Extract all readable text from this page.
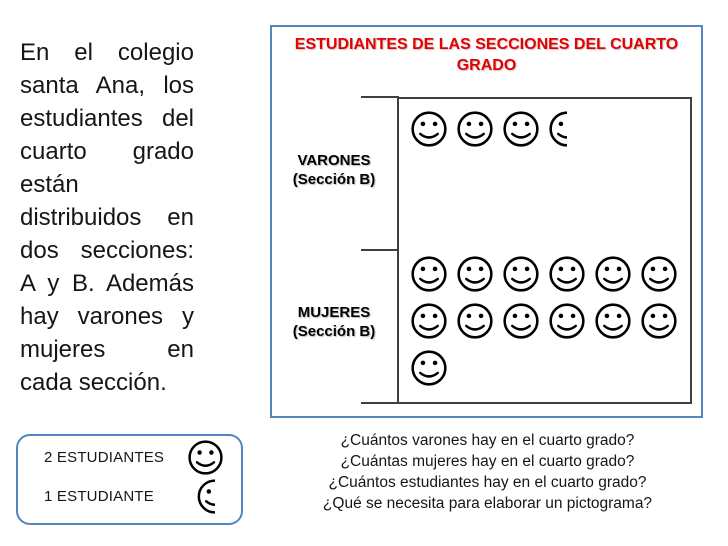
En el colegio santa Ana, los estudiantes del cuarto grado están distribuidos en dos secciones: A y B. Además hay varones y mujeres en cada sección.

ESTUDIANTES DE LAS SECCIONES DEL CUARTO GRADO
VARONES
(Sección B)
MUJERES
(Sección B)
2 ESTUDIANTES
1 ESTUDIANTE
¿Cuántos varones hay en el cuarto grado?
¿Cuántas mujeres hay en el cuarto grado?
¿Cuántos estudiantes hay en el cuarto grado?
¿Qué se necesita para elaborar un pictograma?
